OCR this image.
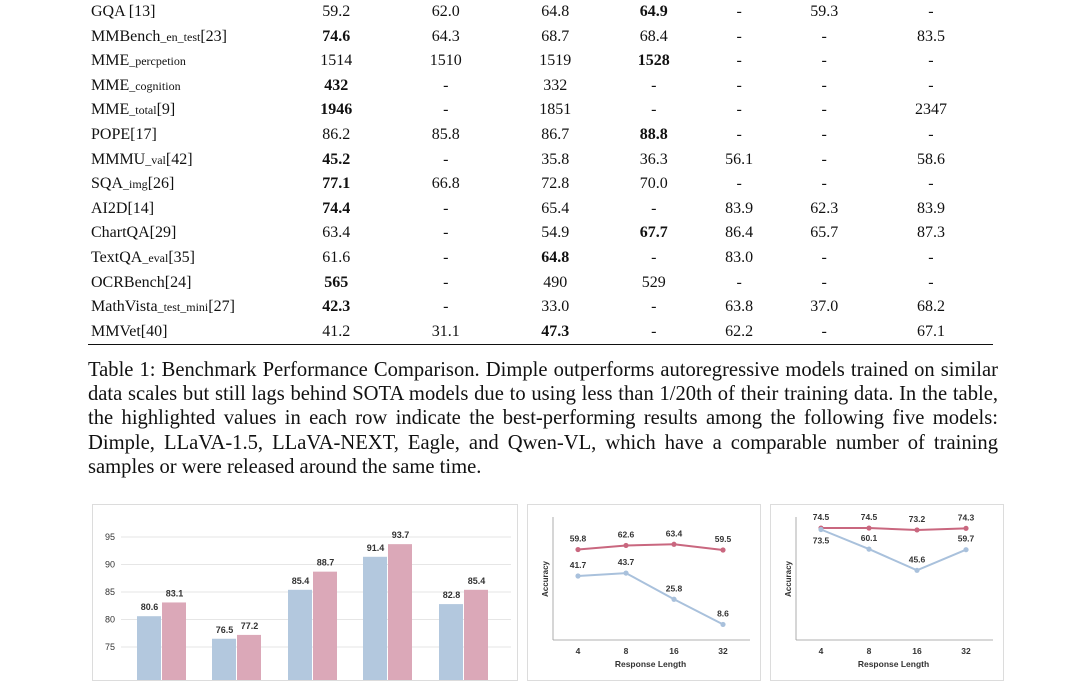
GQA [13]	59.2	62.0	64.8	64.9	-	59.3	-
MMBench_en_test[23]	74.6	64.3	68.7	68.4	-	-	83.5
MME_percpetion	1514	1510	1519	1528	-	-	-
MME_cognition	432	-	332	-	-	-	-
MME_total[9]	1946	-	1851	-	-	-	2347
POPE[17]	86.2	85.8	86.7	88.8	-	-	-
MMMU_val[42]	45.2	-	35.8	36.3	56.1	-	58.6
SQA_img[26]	77.1	66.8	72.8	70.0	-	-	-
AI2D[14]	74.4	-	65.4	-	83.9	62.3	83.9
ChartQA[29]	63.4	-	54.9	67.7	86.4	65.7	87.3
TextQA_eval[35]	61.6	-	64.8	-	83.0	-	-
OCRBench[24]	565	-	490	529	-	-	-
MathVista_test_mini[27]	42.3	-	33.0	-	63.8	37.0	68.2
MMVet[40]	41.2	31.1	47.3	-	62.2	-	67.1
Table 1: Benchmark Performance Comparison. Dimple outperforms autoregressive models trained on similar data scales but still lags behind SOTA models due to using less than 1/20th of their training data. In the table, the highlighted values in each row indicate the best-performing results among the following five models: Dimple, LLaVA-1.5, LLaVA-NEXT, Eagle, and Qwen-VL, which have a comparable number of training samples or were released around the same time.
75
80
85
90
95
80.6
83.1
76.5 77.2
85.4
88.7
91.4
93.7
82.8
85.4	Accuracy
4	8	16	32
Response Length
59.8	62.6	63.4
59.5
41.7	43.7
25.8
8.6
Accuracy
4	8	16	32
Response Length
74.5	74.5	73.2	74.3
73.5	60.1
45.6
59.7
